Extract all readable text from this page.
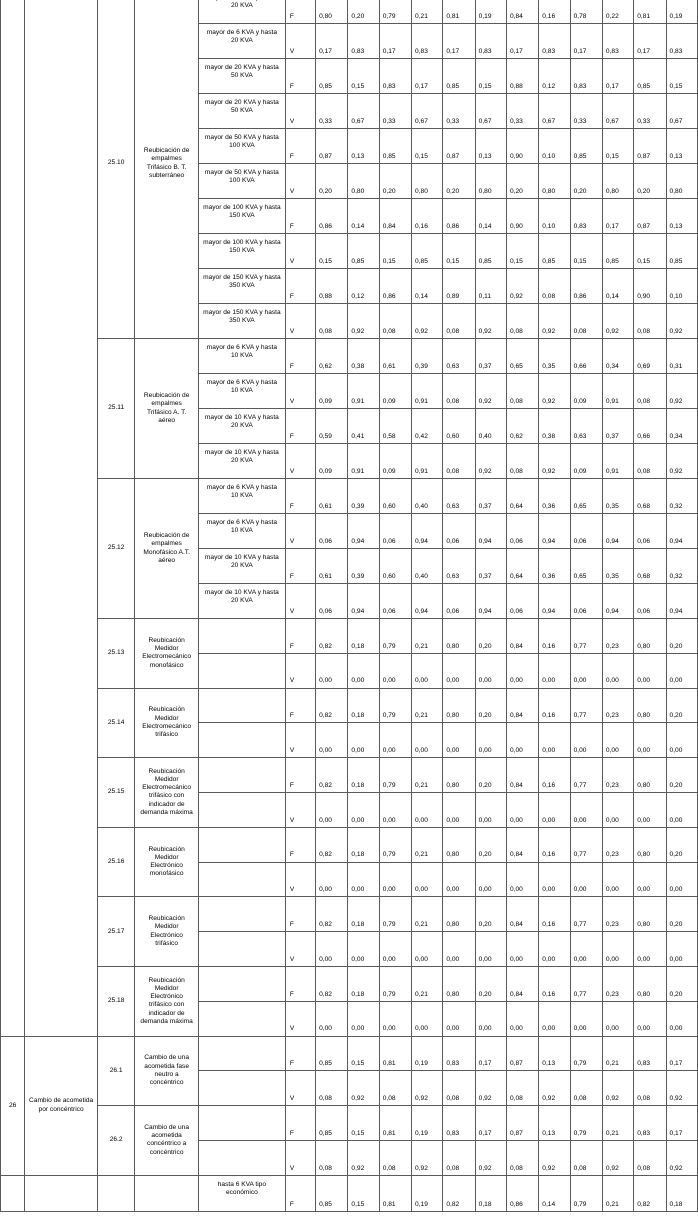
		25.10	Reubicación de empalmes Trifásico B. T. subterráneo	20 KVA	F	0,80	0,20	0,79	0,21	0,81	0,19	0,84	0,16	0,78	0,22	0,81	0,19
				mayor de 6 KVA y hasta 20 KVA	V	0,17	0,83	0,17	0,83	0,17	0,83	0,17	0,83	0,17	0,83	0,17	0,83
				mayor de 20 KVA y hasta 50 KVA	F	0,85	0,15	0,83	0,17	0,85	0,15	0,88	0,12	0,83	0,17	0,85	0,15
				mayor de 20 KVA y hasta 50 KVA	V	0,33	0,67	0,33	0,67	0,33	0,67	0,33	0,67	0,33	0,67	0,33	0,67
				mayor de 50 KVA y hasta 100 KVA	F	0,87	0,13	0,85	0,15	0,87	0,13	0,90	0,10	0,85	0,15	0,87	0,13
				mayor de 50 KVA y hasta 100 KVA	V	0,20	0,80	0,20	0,80	0,20	0,80	0,20	0,80	0,20	0,80	0,20	0,80
				mayor de 100 KVA y hasta 150 KVA	F	0,86	0,14	0,84	0,16	0,86	0,14	0,90	0,10	0,83	0,17	0,87	0,13
				mayor de 100 KVA y hasta 150 KVA	V	0,15	0,85	0,15	0,85	0,15	0,85	0,15	0,85	0,15	0,85	0,15	0,85
				mayor de 150 KVA y hasta 350 KVA	F	0,88	0,12	0,86	0,14	0,89	0,11	0,92	0,08	0,86	0,14	0,90	0,10
				mayor de 150 KVA y hasta 350 KVA	V	0,08	0,92	0,08	0,92	0,08	0,92	0,08	0,92	0,08	0,92	0,08	0,92
		25.11	Reubicación de empalmes Trifásico A. T. aéreo	mayor de 6 KVA y hasta 10 KVA	F	0,62	0,38	0,61	0,39	0,63	0,37	0,65	0,35	0,66	0,34	0,69	0,31
				mayor de 6 KVA y hasta 10 KVA	V	0,09	0,91	0,09	0,91	0,08	0,92	0,08	0,92	0,09	0,91	0,08	0,92
				mayor de 10 KVA y hasta 20 KVA	F	0,59	0,41	0,58	0,42	0,60	0,40	0,62	0,38	0,63	0,37	0,66	0,34
				mayor de 10 KVA y hasta 20 KVA	V	0,09	0,91	0,09	0,91	0,08	0,92	0,08	0,92	0,09	0,91	0,08	0,92
		25.12	Reubicación de empalmes Monofásico A.T. aéreo	mayor de 6 KVA y hasta 10 KVA	F	0,61	0,39	0,60	0,40	0,63	0,37	0,64	0,36	0,65	0,35	0,68	0,32
				mayor de 6 KVA y hasta 10 KVA	V	0,06	0,94	0,06	0,94	0,06	0,94	0,06	0,94	0,06	0,94	0,06	0,94
				mayor de 10 KVA y hasta 20 KVA	F	0,61	0,39	0,60	0,40	0,63	0,37	0,64	0,36	0,65	0,35	0,68	0,32
				mayor de 10 KVA y hasta 20 KVA	V	0,06	0,94	0,06	0,94	0,06	0,94	0,06	0,94	0,06	0,94	0,06	0,94
		25.13	Reubicación Medidor Electromecánico monofásico		F	0,82	0,18	0,79	0,21	0,80	0,20	0,84	0,16	0,77	0,23	0,80	0,20
					V	0,00	0,00	0,00	0,00	0,00	0,00	0,00	0,00	0,00	0,00	0,00	0,00
		25.14	Reubicación Medidor Electromecánico trifásico		F	0,82	0,18	0,79	0,21	0,80	0,20	0,84	0,16	0,77	0,23	0,80	0,20
					V	0,00	0,00	0,00	0,00	0,00	0,00	0,00	0,00	0,00	0,00	0,00	0,00
		25.15	Reubicación Medidor Electromecánico trifásico con indicador de demanda máxima		F	0,82	0,18	0,79	0,21	0,80	0,20	0,84	0,16	0,77	0,23	0,80	0,20
					V	0,00	0,00	0,00	0,00	0,00	0,00	0,00	0,00	0,00	0,00	0,00	0,00
		25.16	Reubicación Medidor Electrónico monofásico		F	0,82	0,18	0,79	0,21	0,80	0,20	0,84	0,16	0,77	0,23	0,80	0,20
					V	0,00	0,00	0,00	0,00	0,00	0,00	0,00	0,00	0,00	0,00	0,00	0,00
		25.17	Reubicación Medidor Electrónico trifásico		F	0,82	0,18	0,79	0,21	0,80	0,20	0,84	0,16	0,77	0,23	0,80	0,20
					V	0,00	0,00	0,00	0,00	0,00	0,00	0,00	0,00	0,00	0,00	0,00	0,00
		25.18	Reubicación Medidor Electrónico trifásico con indicador de demanda máxima		F	0,82	0,18	0,79	0,21	0,80	0,20	0,84	0,16	0,77	0,23	0,80	0,20
					V	0,00	0,00	0,00	0,00	0,00	0,00	0,00	0,00	0,00	0,00	0,00	0,00
26	Cambio de acometida por concéntrico	26.1	Cambio de una acometida fase neutro a concéntrico		F	0,85	0,15	0,81	0,19	0,83	0,17	0,87	0,13	0,79	0,21	0,83	0,17
					V	0,08	0,92	0,08	0,92	0,08	0,92	0,08	0,92	0,08	0,92	0,08	0,92
		26.2	Cambio de una acometida concéntrico a concéntrico		F	0,85	0,15	0,81	0,19	0,83	0,17	0,87	0,13	0,79	0,21	0,83	0,17
					V	0,08	0,92	0,08	0,92	0,08	0,92	0,08	0,92	0,08	0,92	0,08	0,92
				hasta 6 KVA tipo económico	F	0,85	0,15	0,81	0,19	0,82	0,18	0,86	0,14	0,79	0,21	0,82	0,18
